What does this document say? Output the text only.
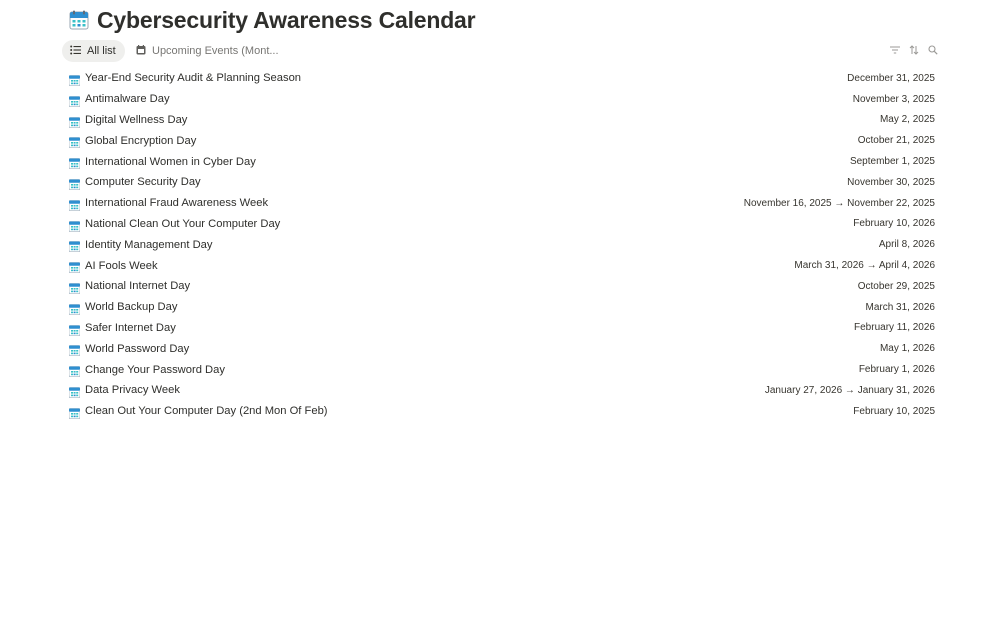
Cybersecurity Awareness Calendar
All list	Upcoming Events (Mont...
Year-End Security Audit & Planning Season	December 31, 2025
Antimalware Day	November 3, 2025
Digital Wellness Day	May 2, 2025
Global Encryption Day	October 21, 2025
International Women in Cyber Day	September 1, 2025
Computer Security Day	November 30, 2025
International Fraud Awareness Week	November 16, 2025 → November 22, 2025
National Clean Out Your Computer Day	February 10, 2026
Identity Management Day	April 8, 2026
AI Fools Week	March 31, 2026 → April 4, 2026
National Internet Day	October 29, 2025
World Backup Day	March 31, 2026
Safer Internet Day	February 11, 2026
World Password Day	May 1, 2026
Change Your Password Day	February 1, 2026
Data Privacy Week	January 27, 2026 → January 31, 2026
Clean Out Your Computer Day (2nd Mon Of Feb)	February 10, 2025
